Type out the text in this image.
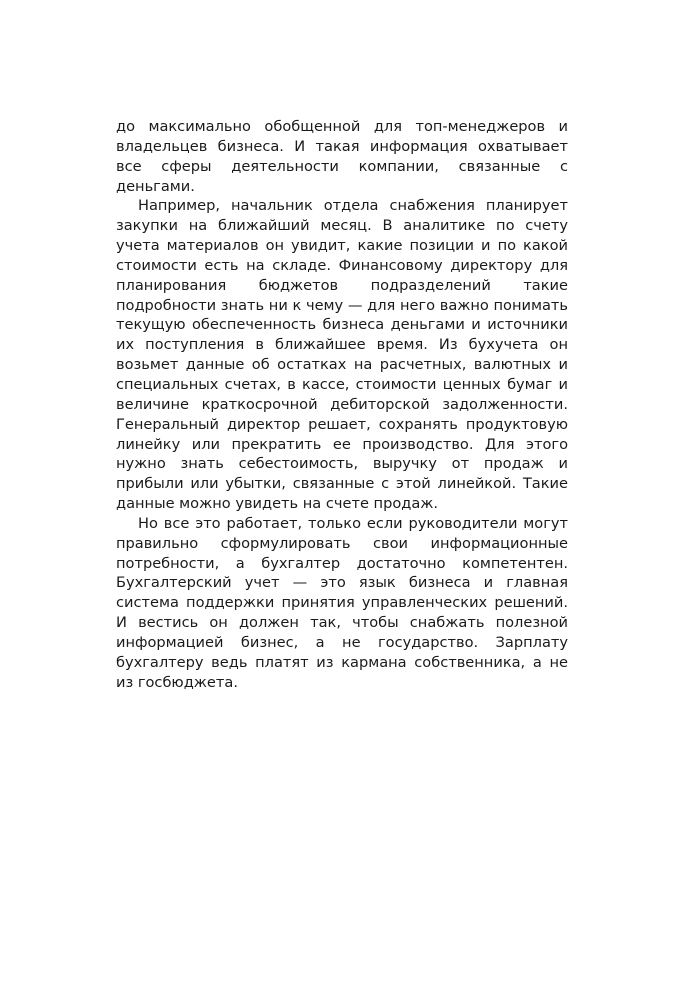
до максимально обобщенной для топ-менеджеров и владельцев бизнеса. И такая информация охватывает все сферы деятельности компании, связанные с деньгами.

Например, начальник отдела снабжения планирует закупки на ближайший месяц. В аналитике по счету учета материалов он увидит, какие позиции и по какой стоимости есть на складе. Финансовому директору для планирования бюджетов подразделений такие подробности знать ни к чему — для него важно понимать текущую обеспеченность бизнеса деньгами и источники их поступления в ближайшее время. Из бухучета он возьмет данные об остатках на расчетных, валютных и специальных счетах, в кассе, стоимости ценных бумаг и величине краткосрочной дебиторской задолженности. Генеральный директор решает, сохранять продуктовую линейку или прекратить ее производство. Для этого нужно знать себестоимость, выручку от продаж и прибыли или убытки, связанные с этой линейкой. Такие данные можно увидеть на счете продаж.

Но все это работает, только если руководители могут правильно сформулировать свои информационные потребности, а бухгалтер достаточно компетентен. Бухгалтерский учет — это язык бизнеса и главная система поддержки принятия управленческих решений. И вестись он должен так, чтобы снабжать полезной информацией бизнес, а не государство. Зарплату бухгалтеру ведь платят из кармана собственника, а не из госбюджета.
